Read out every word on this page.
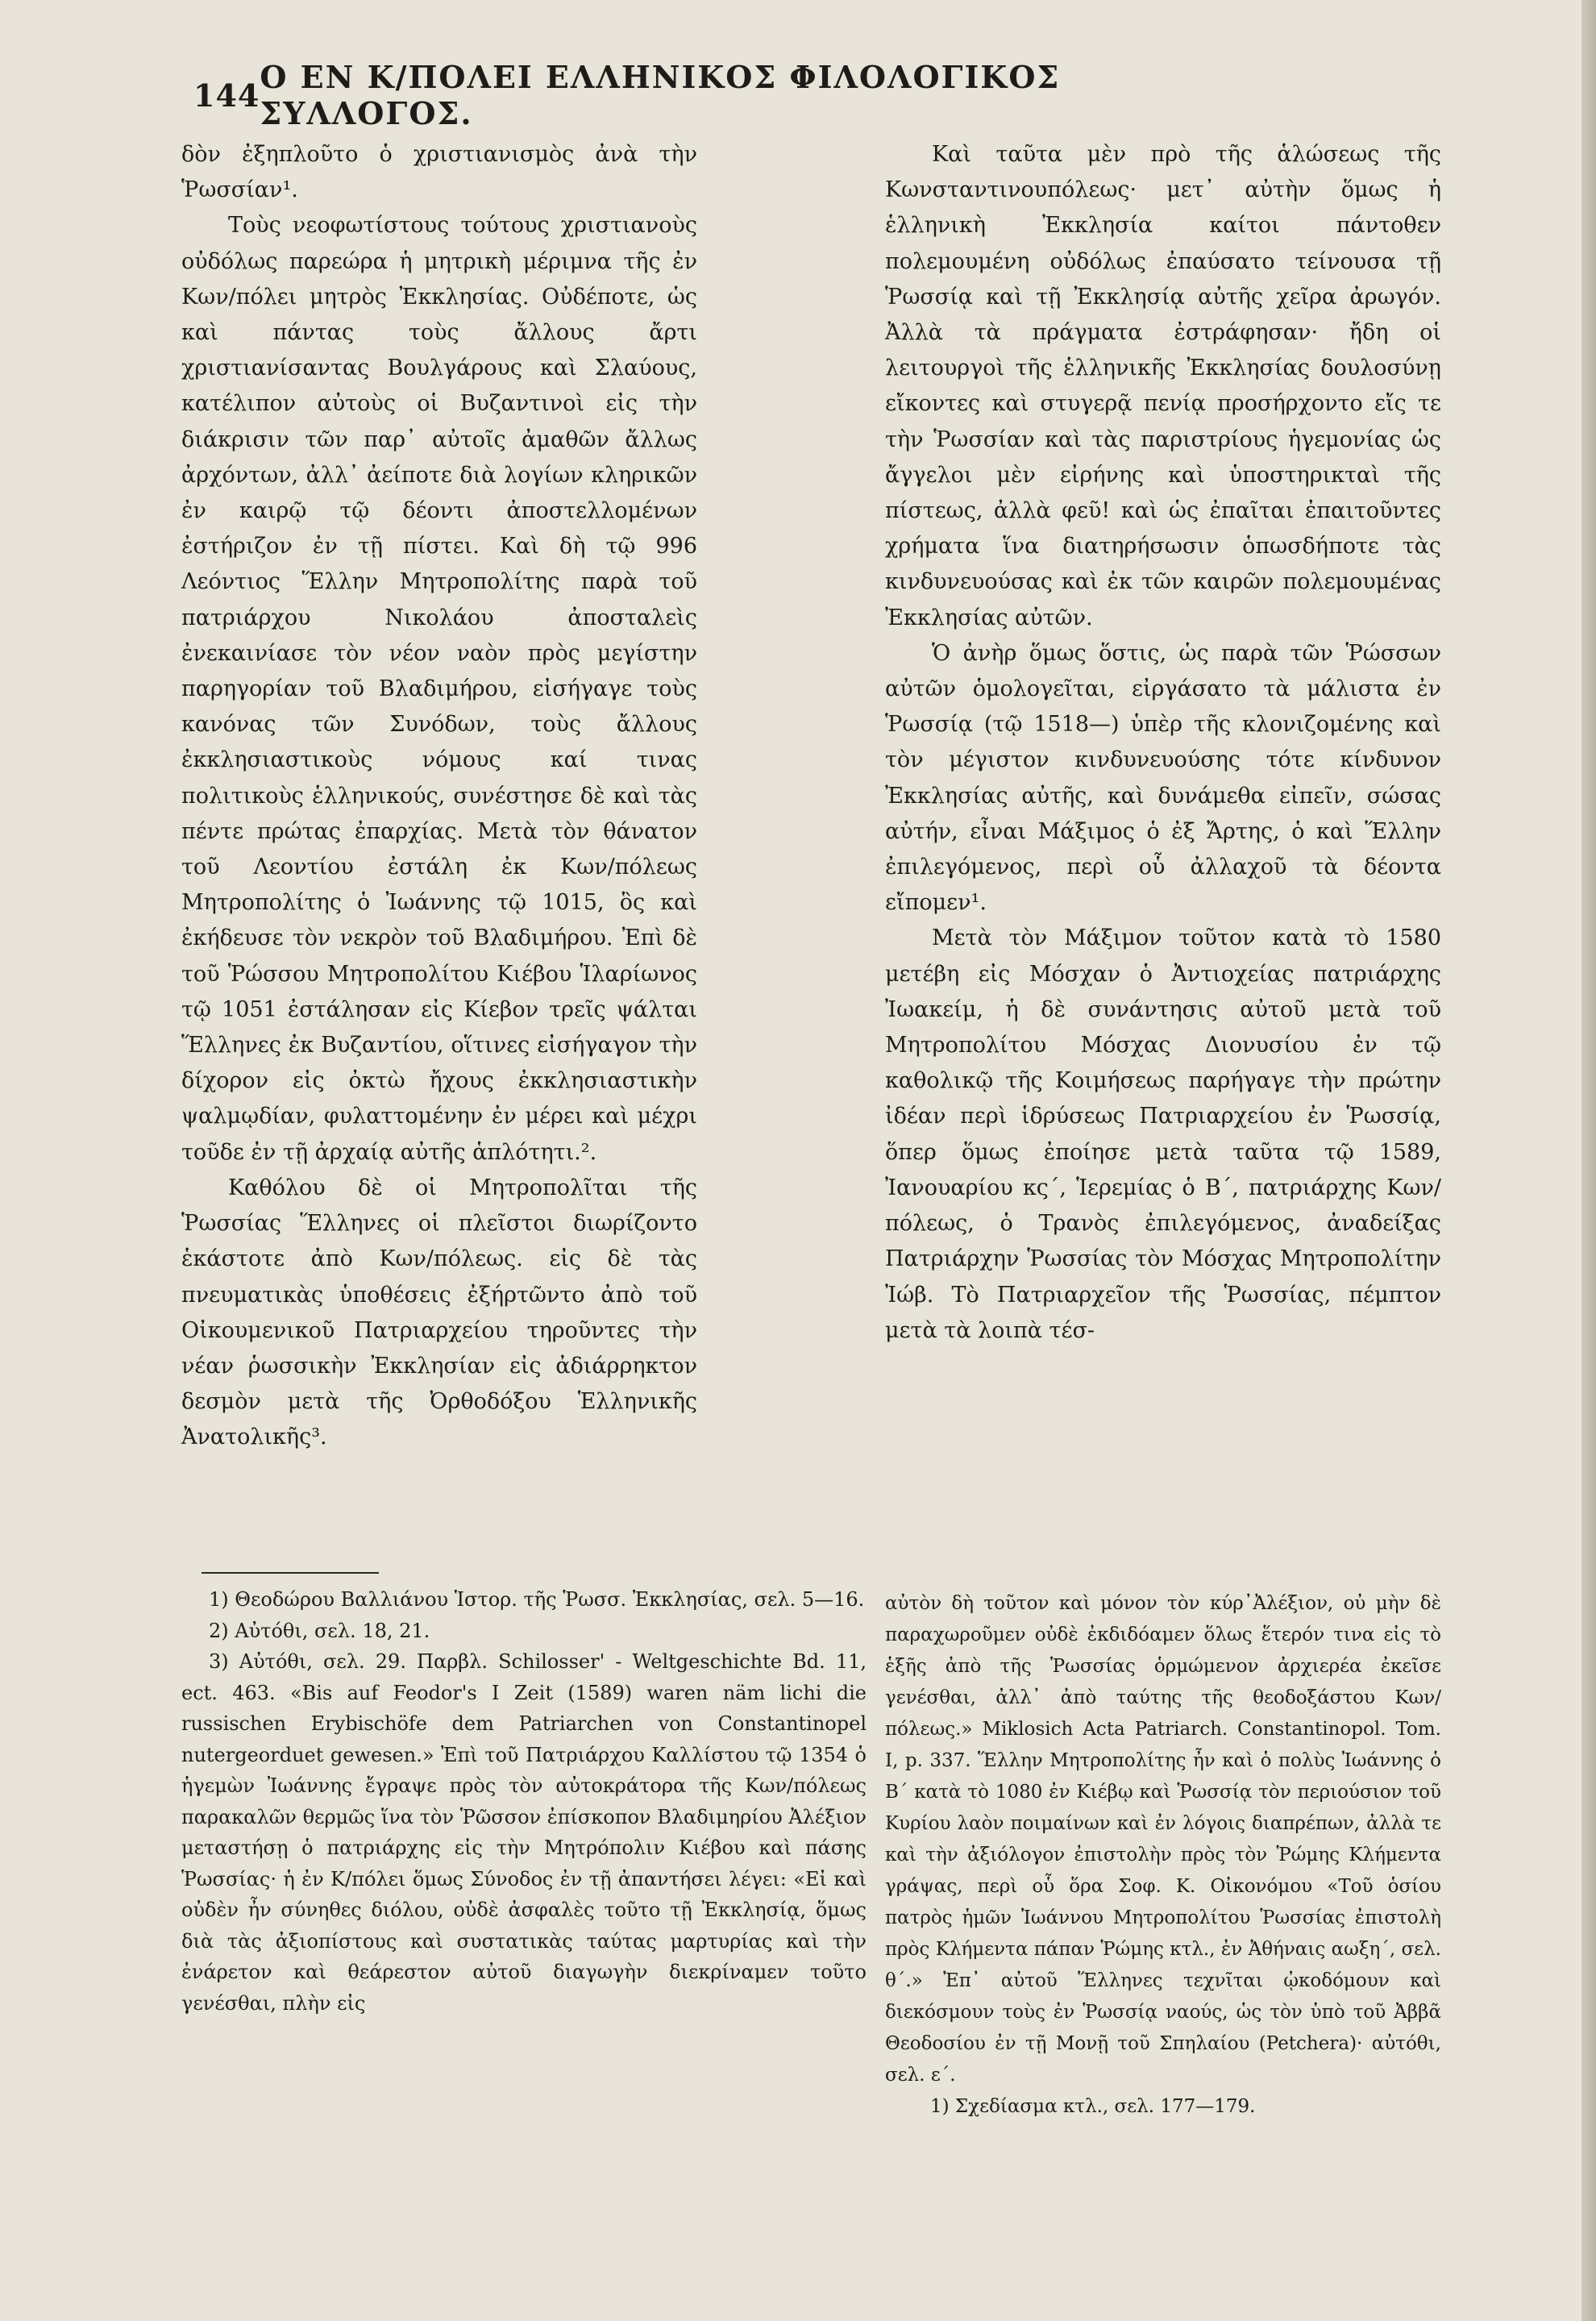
144 Ο ΕΝ Κ/ΠΟΛΕΙ ΕΛΛΗΝΙΚΟΣ ΦΙΛΟΛΟΓΙΚΟΣ ΣΥΛΛΟΓΟΣ.

δὸν ἐξηπλοῦτο ὁ χριστιανισμὸς ἀνὰ τὴν Ῥωσσίαν¹.

Τοὺς νεοφωτίστους τούτους χριστιανοὺς οὐδόλως παρεώρα ἡ μητρικὴ μέριμνα τῆς ἐν Κων/πόλει μητρὸς Ἐκκλησίας. Οὐδέποτε, ὡς καὶ πάντας τοὺς ἄλλους ἄρτι χριστιανίσαντας Βουλγάρους καὶ Σλαύους, κατέλιπον αὐτοὺς οἱ Βυζαντινοὶ εἰς τὴν διάκρισιν τῶν παρ᾽ αὐτοῖς ἀμαθῶν ἄλλως ἀρχόντων, ἀλλ᾽ ἀείποτε διὰ λογίων κληρικῶν ἐν καιρῷ τῷ δέοντι ἀποστελλομένων ἐστήριζον ἐν τῇ πίστει. Καὶ δὴ τῷ 996 Λεόντιος Ἕλλην Μητροπολίτης παρὰ τοῦ πατριάρχου Νικολάου ἀποσταλεὶς ἐνεκαινίασε τὸν νέον ναὸν πρὸς μεγίστην παρηγορίαν τοῦ Βλαδιμήρου, εἰσήγαγε τοὺς κανόνας τῶν Συνόδων, τοὺς ἄλλους ἐκκλησιαστικοὺς νόμους καί τινας πολιτικοὺς ἑλληνικούς, συνέστησε δὲ καὶ τὰς πέντε πρώτας ἐπαρχίας. Μετὰ τὸν θάνατον τοῦ Λεοντίου ἐστάλη ἐκ Κων/πόλεως Μητροπολίτης ὁ Ἰωάννης τῷ 1015, ὃς καὶ ἐκήδευσε τὸν νεκρὸν τοῦ Βλαδιμήρου. Ἐπὶ δὲ τοῦ Ῥώσσου Μητροπολίτου Κιέβου Ἱλαρίωνος τῷ 1051 ἐστάλησαν εἰς Κίεβον τρεῖς ψάλται Ἕλληνες ἐκ Βυζαντίου, οἵτινες εἰσήγαγον τὴν δίχορον εἰς ὀκτὼ ἤχους ἐκκλησιαστικὴν ψαλμῳδίαν, φυλαττομένην ἐν μέρει καὶ μέχρι τοῦδε ἐν τῇ ἀρχαίᾳ αὐτῆς ἁπλότητι.².

Καθόλου δὲ οἱ Μητροπολῖται τῆς Ῥωσσίας Ἕλληνες οἱ πλεῖστοι διωρίζοντο ἑκάστοτε ἀπὸ Κων/πόλεως. εἰς δὲ τὰς πνευματικὰς ὑποθέσεις ἐξήρτῶντο ἀπὸ τοῦ Οἰκουμενικοῦ Πατριαρχείου τηροῦντες τὴν νέαν ῥωσσικὴν Ἐκκλησίαν εἰς ἀδιάρρηκτον δεσμὸν μετὰ τῆς Ὀρθοδόξου Ἑλληνικῆς Ἀνατολικῆς³.

Καὶ ταῦτα μὲν πρὸ τῆς ἁλώσεως τῆς Κωνσταντινουπόλεως· μετ᾽ αὐτὴν ὅμως ἡ ἑλληνικὴ Ἐκκλησία καίτοι πάντοθεν πολεμουμένη οὐδόλως ἐπαύσατο τείνουσα τῇ Ῥωσσίᾳ καὶ τῇ Ἐκκλησίᾳ αὐτῆς χεῖρα ἀρωγόν. Ἀλλὰ τὰ πράγματα ἐστράφησαν· ἤδη οἱ λειτουργοὶ τῆς ἑλληνικῆς Ἐκκλησίας δουλοσύνῃ εἴκοντες καὶ στυγερᾷ πενίᾳ προσήρχοντο εἴς τε τὴν Ῥωσσίαν καὶ τὰς παριστρίους ἡγεμονίας ὡς ἄγγελοι μὲν εἰρήνης καὶ ὑποστηρικταὶ τῆς πίστεως, ἀλλὰ φεῦ! καὶ ὡς ἐπαῖται ἐπαιτοῦντες χρήματα ἵνα διατηρήσωσιν ὁπωσδήποτε τὰς κινδυνευούσας καὶ ἐκ τῶν καιρῶν πολεμουμένας Ἐκκλησίας αὐτῶν.

Ὁ ἀνὴρ ὅμως ὅστις, ὡς παρὰ τῶν Ῥώσσων αὐτῶν ὁμολογεῖται, εἰργάσατο τὰ μάλιστα ἐν Ῥωσσίᾳ (τῷ 1518—) ὑπὲρ τῆς κλονιζομένης καὶ τὸν μέγιστον κινδυνευούσης τότε κίνδυνον Ἐκκλησίας αὐτῆς, καὶ δυνάμεθα εἰπεῖν, σώσας αὐτήν, εἶναι Μάξιμος ὁ ἐξ Ἄρτης, ὁ καὶ Ἕλλην ἐπιλεγόμενος, περὶ οὗ ἀλλαχοῦ τὰ δέοντα εἴπομεν¹.

Μετὰ τὸν Μάξιμον τοῦτον κατὰ τὸ 1580 μετέβη εἰς Μόσχαν ὁ Ἀντιοχείας πατριάρχης Ἰωακείμ, ἡ δὲ συνάντησις αὐτοῦ μετὰ τοῦ Μητροπολίτου Μόσχας Διονυσίου ἐν τῷ καθολικῷ τῆς Κοιμήσεως παρήγαγε τὴν πρώτην ἰδέαν περὶ ἱδρύσεως Πατριαρχείου ἐν Ῥωσσίᾳ, ὅπερ ὅμως ἐποίησε μετὰ ταῦτα τῷ 1589, Ἰανουαρίου κς΄, Ἱερεμίας ὁ Β΄, πατριάρχης Κων/πόλεως, ὁ Τρανὸς ἐπιλεγόμενος, ἀναδείξας Πατριάρχην Ῥωσσίας τὸν Μόσχας Μητροπολίτην Ἰώβ. Τὸ Πατριαρχεῖον τῆς Ῥωσσίας, πέμπτον μετὰ τὰ λοιπὰ τέσ-

1) Θεοδώρου Βαλλιάνου Ἱστορ. τῆς Ῥωσσ. Ἐκκλησίας, σελ. 5—16.

2) Αὐτόθι, σελ. 18, 21.

3) Αὐτόθι, σελ. 29. Παρβλ. Schilosser' - Weltgeschichte Bd. 11, ect. 463. «Bis auf Feodor's I Zeit (1589) waren näm lichi die russischen Erybischöfe dem Patriarchen von Constantinopel nutergeorduet gewesen.» Ἐπὶ τοῦ Πατριάρχου Καλλίστου τῷ 1354 ὁ ἡγεμὼν Ἰωάννης ἔγραψε πρὸς τὸν αὐτοκράτορα τῆς Κων/πόλεως παρακαλῶν θερμῶς ἵνα τὸν Ῥῶσσον ἐπίσκοπον Βλαδιμηρίου Ἀλέξιον μεταστήσῃ ὁ πατριάρχης εἰς τὴν Μητρόπολιν Κιέβου καὶ πάσης Ῥωσσίας· ἡ ἐν Κ/πόλει ὅμως Σύνοδος ἐν τῇ ἀπαντήσει λέγει: «Εἰ καὶ οὐδὲν ἦν σύνηθες διόλου, οὐδὲ ἀσφαλὲς τοῦτο τῇ Ἐκκλησίᾳ, ὅμως διὰ τὰς ἀξιοπίστους καὶ συστατικὰς ταύτας μαρτυρίας καὶ τὴν ἐνάρετον καὶ θεάρεστον αὐτοῦ διαγωγὴν διεκρίναμεν τοῦτο γενέσθαι, πλὴν εἰς

αὐτὸν δὴ τοῦτον καὶ μόνον τὸν κύρ᾽Ἀλέξιον, οὐ μὴν δὲ παραχωροῦμεν οὐδὲ ἐκδιδόαμεν ὅλως ἕτερόν τινα εἰς τὸ ἑξῆς ἀπὸ τῆς Ῥωσσίας ὁρμώμενον ἀρχιερέα ἐκεῖσε γενέσθαι, ἀλλ᾽ ἀπὸ ταύτης τῆς θεοδοξάστου Κων/πόλεως.» Miklosich Acta Patriarch. Constantinopol. Tom. I, p. 337. Ἕλλην Μητροπολίτης ἦν καὶ ὁ πολὺς Ἰωάννης ὁ Β΄ κατὰ τὸ 1080 ἐν Κιέβῳ καὶ Ῥωσσίᾳ τὸν περιούσιον τοῦ Κυρίου λαὸν ποιμαίνων καὶ ἐν λόγοις διαπρέπων, ἀλλὰ τε καὶ τὴν ἀξιόλογον ἐπιστολὴν πρὸς τὸν Ῥώμης Κλήμεντα γράψας, περὶ οὗ ὅρα Σοφ. Κ. Οἰκονόμου «Τοῦ ὁσίου πατρὸς ἡμῶν Ἰωάννου Μητροπολίτου Ῥωσσίας ἐπιστολὴ πρὸς Κλήμεντα πάπαν Ῥώμης κτλ., ἐν Ἀθήναις αωξη΄, σελ. θ΄.» Ἐπ᾽ αὐτοῦ Ἕλληνες τεχνῖται ᾠκοδόμουν καὶ διεκόσμουν τοὺς ἐν Ῥωσσίᾳ ναούς, ὡς τὸν ὑπὸ τοῦ Ἀββᾶ Θεοδοσίου ἐν τῇ Μονῇ τοῦ Σπηλαίου (Petchera)· αὐτόθι, σελ. ε΄.

1) Σχεδίασμα κτλ., σελ. 177—179.
